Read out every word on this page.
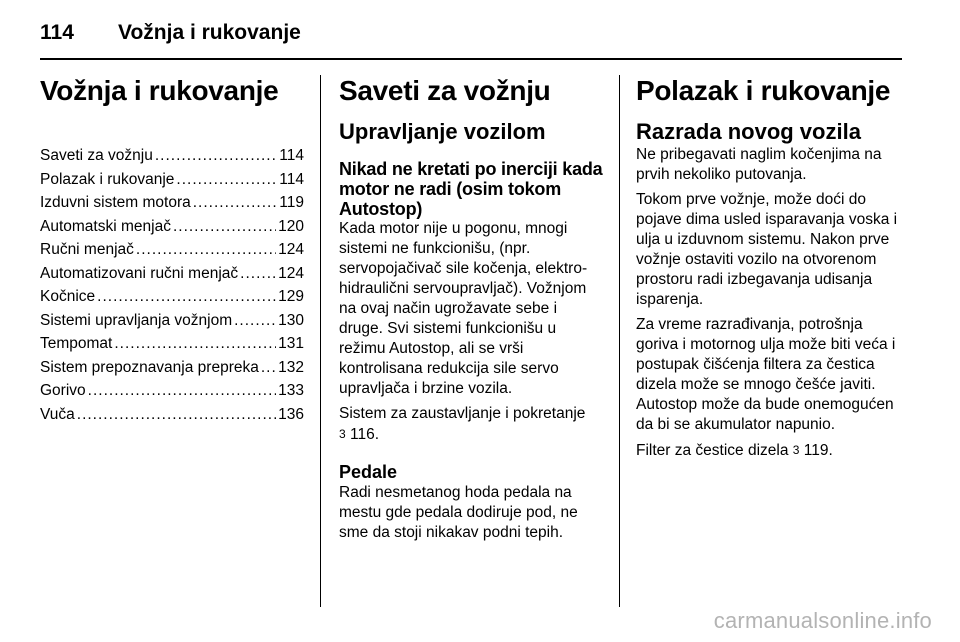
114 Vožnja i rukovanje
Vožnja i rukovanje
Saveti za vožnju .....	114
Polazak i rukovanje .....	114
Izduvni sistem motora .....	119
Automatski menjač .....	120
Ručni menjač .....	124
Automatizovani ručni menjač .....	124
Kočnice .....	129
Sistemi upravljanja vožnjom .....	130
Tempomat .....	131
Sistem prepoznavanja prepreka ..... 132
Gorivo .....	133
Vuča .....	136
Saveti za vožnju
Upravljanje vozilom
Nikad ne kretati po inerciji kada motor ne radi (osim tokom Autostop)

Kada motor nije u pogonu, mnogi sistemi ne funkcionišu, (npr. servopojačivač sile kočenja, elektro-hidraulični servoupravljač). Vožnjom na ovaj način ugrožavate sebe i druge. Svi sistemi funkcionišu u režimu Autostop, ali se vrši kontrolisana redukcija sile servo upravljača i brzine vozila.

Sistem za zaustavljanje i pokretanje
3 116.

Pedale

Radi nesmetanog hoda pedala na mestu gde pedala dodiruje pod, ne sme da stoji nikakav podni tepih.

Polazak i rukovanje
Razrada novog vozila

Ne pribegavati naglim kočenjima na prvih nekoliko putovanja.

Tokom prve vožnje, može doći do pojave dima usled isparavanja voska i ulja u izduvnom sistemu. Nakon prve vožnje ostaviti vozilo na otvorenom prostoru radi izbegavanja udisanja isparenja.

Za vreme razrađivanja, potrošnja goriva i motornog ulja može biti veća i postupak čišćenja filtera za čestica dizela može se mnogo češće javiti. Autostop može da bude onemogućen da bi se akumulator napunio.

Filter za čestice dizela 3 119.

carmanualsonline.info
